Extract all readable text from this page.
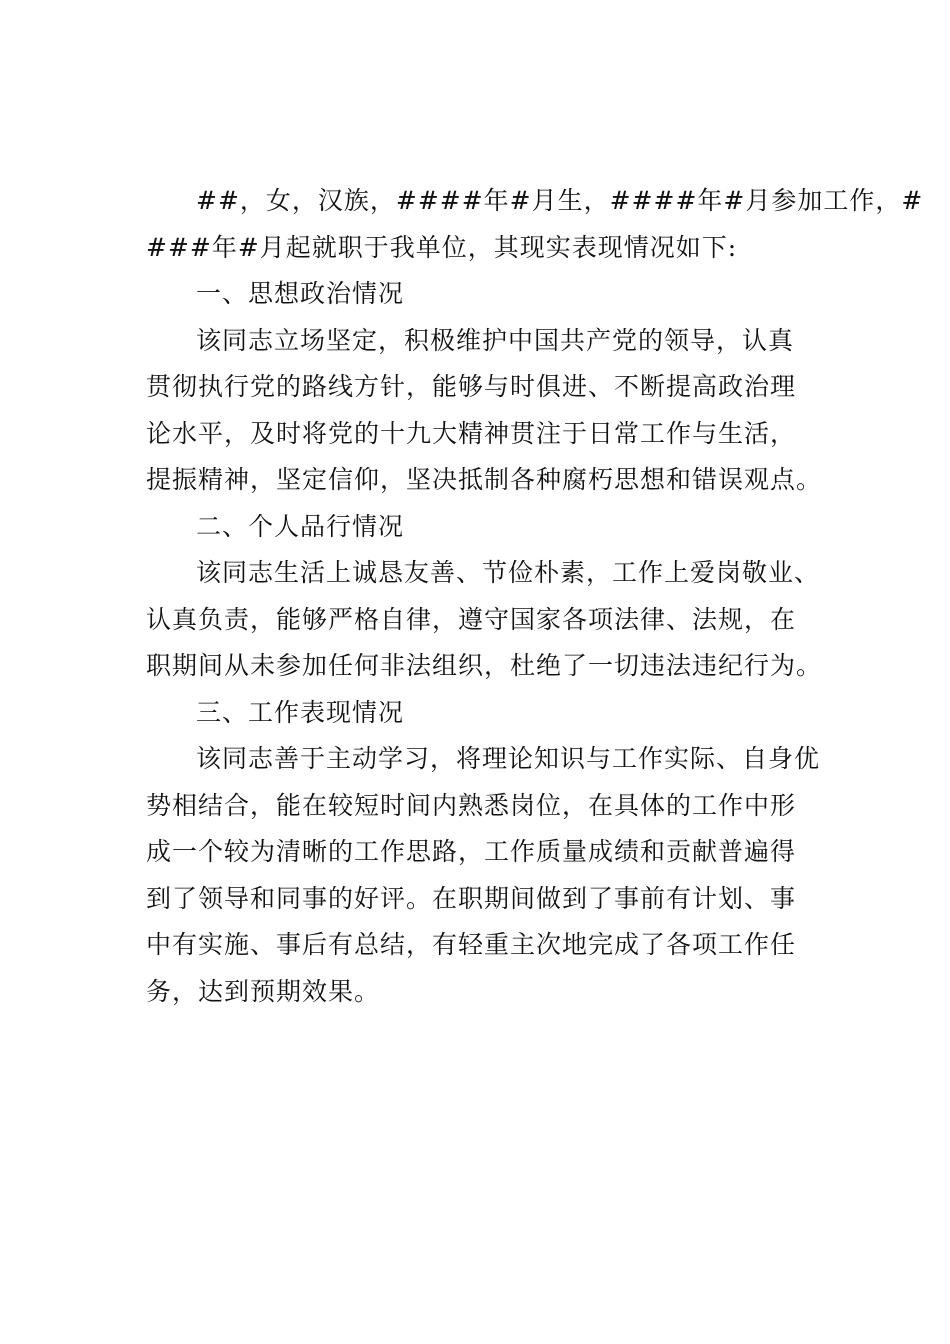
##，女，汉族，####年#月生，####年#月参加工作，#
###年#月起就职于我单位，其现实表现情况如下:
一、思想政治情况
该同志立场坚定，积极维护中国共产党的领导，认真
贯彻执行党的路线方针，能够与时俱进、不断提高政治理
论水平，及时将党的十九大精神贯注于日常工作与生活，
提振精神，坚定信仰，坚决抵制各种腐朽思想和错误观点。
二、个人品行情况
该同志生活上诚恳友善、节俭朴素，工作上爱岗敬业、
认真负责，能够严格自律，遵守国家各项法律、法规，在
职期间从未参加任何非法组织，杜绝了一切违法违纪行为。
三、工作表现情况
该同志善于主动学习，将理论知识与工作实际、自身优
势相结合，能在较短时间内熟悉岗位，在具体的工作中形
成一个较为清晰的工作思路，工作质量成绩和贡献普遍得
到了领导和同事的好评。在职期间做到了事前有计划、事
中有实施、事后有总结，有轻重主次地完成了各项工作任
务，达到预期效果。
